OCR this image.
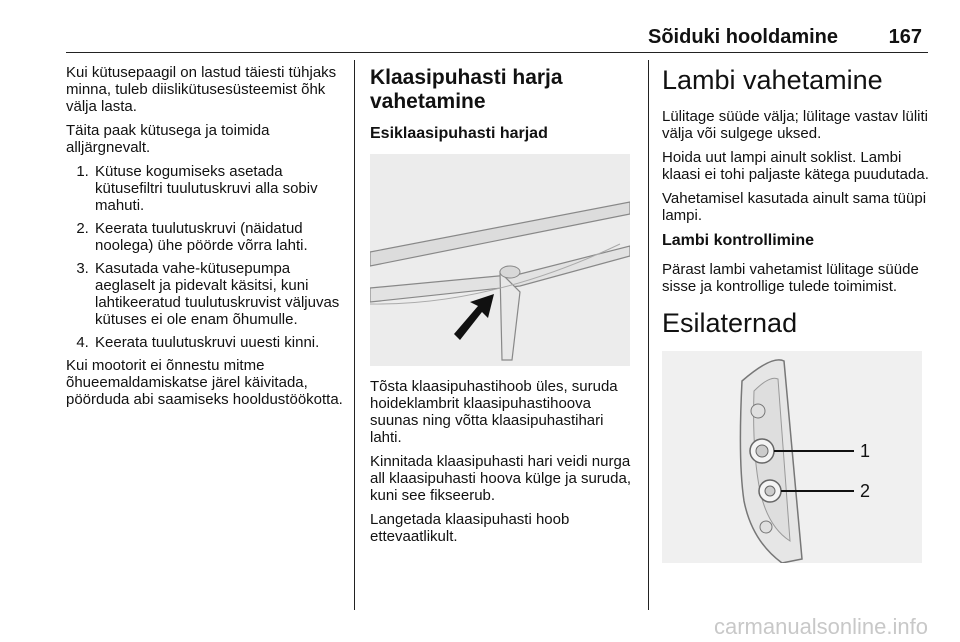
Sõiduki hooldamine	167

Kui kütusepaagil on lastud täiesti tühjaks minna, tuleb diislikütusesüsteemist õhk välja lasta.

Täita paak kütusega ja toimida alljärgnevalt.

1. Kütuse kogumiseks asetada kütusefiltri tuulutuskruvi alla sobiv mahuti.
2. Keerata tuulutuskruvi (näidatud noolega) ühe pöörde võrra lahti.
3. Kasutada vahe-kütusepumpa aeglaselt ja pidevalt käsitsi, kuni lahtikeeratud tuulutuskruvist väljuvas kütuses ei ole enam õhumulle.
4. Keerata tuulutuskruvi uuesti kinni.

Kui mootorit ei õnnestu mitme õhueemaldamiskatse järel käivitada, pöörduda abi saamiseks hooldustöökotta.

Klaasipuhasti harja vahetamine
Esiklaasipuhasti harjad

Tõsta klaasipuhastihoob üles, suruda hoideklambrit klaasipuhastihoova suunas ning võtta klaasipuhastihari lahti.

Kinnitada klaasipuhasti hari veidi nurga all klaasipuhasti hoova külge ja suruda, kuni see fikseerub.

Langetada klaasipuhasti hoob ettevaatlikult.

Lambi vahetamine

Lülitage süüde välja; lülitage vastav lüliti välja või sulgege uksed.

Hoida uut lampi ainult soklist. Lambi klaasi ei tohi paljaste kätega puudutada.

Vahetamisel kasutada ainult sama tüüpi lampi.

Lambi kontrollimine

Pärast lambi vahetamist lülitage süüde sisse ja kontrollige tulede toimimist.

Esilaternad
1
2
carmanualsonline.info
